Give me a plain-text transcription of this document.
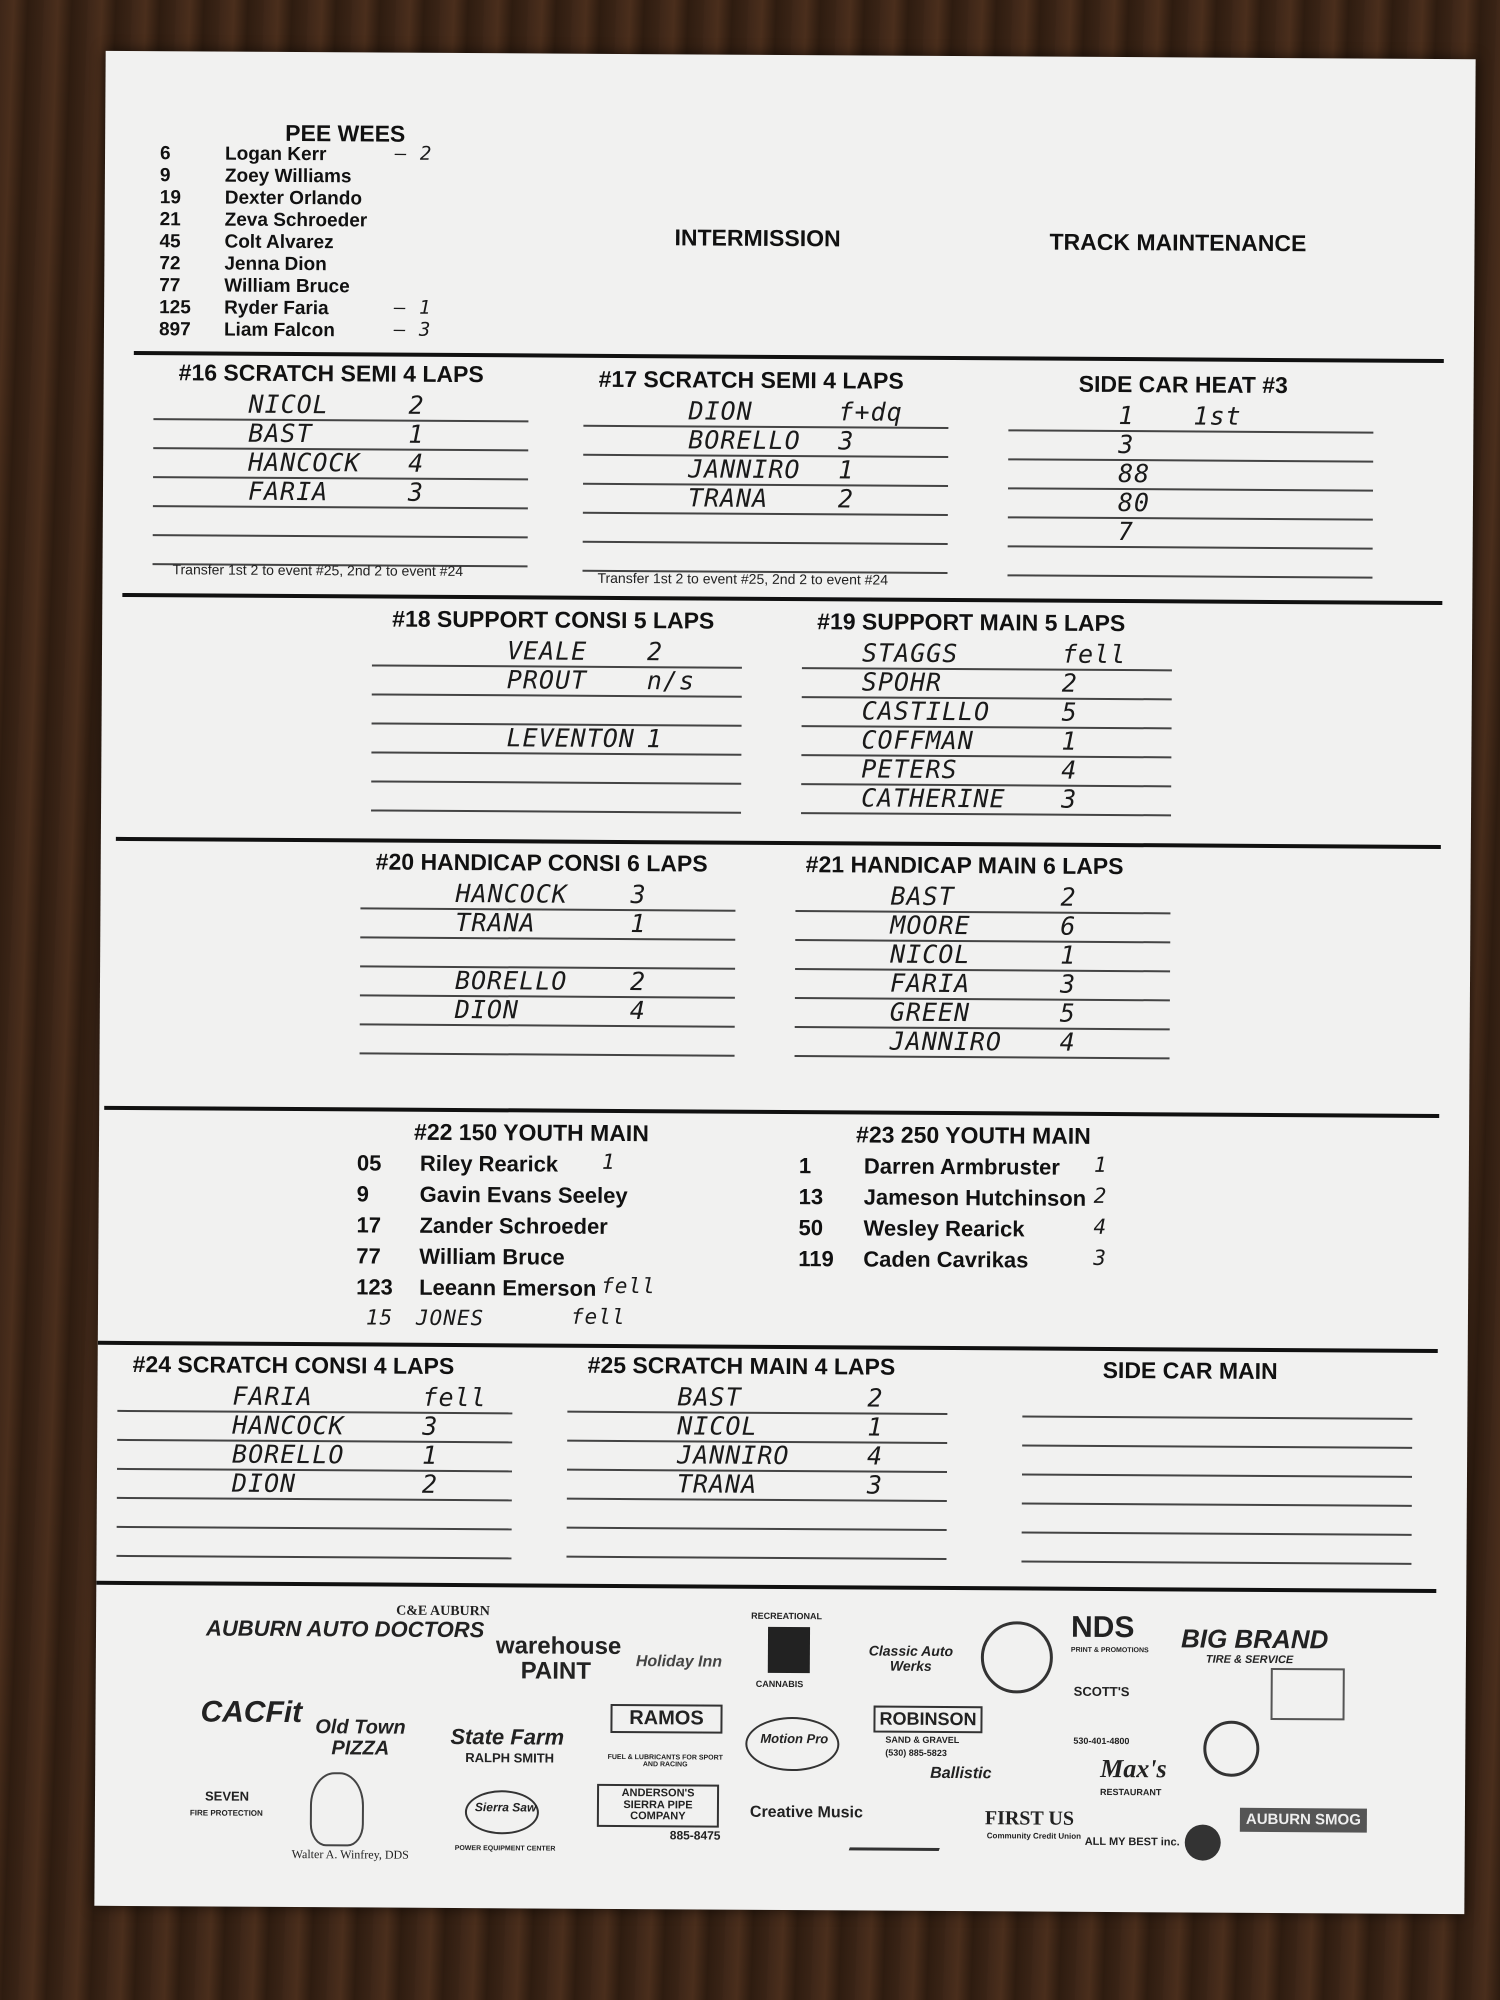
PEE WEES
6	Logan Kerr	— 2
9	Zoey Williams
19 Dexter Orlando
21 Zeva Schroeder
45 Colt Alvarez
72 Jenna Dion
77 William Bruce
125 Ryder Faria	— 1
897 Liam Falcon	— 3
INTERMISSION	TRACK MAINTENANCE
#16 SCRATCH SEMI 4 LAPS
NICOL	2
BAST	1
HANCOCK 4
FARIA	3
Transfer 1st 2 to event #25, 2nd 2 to event #24
#17 SCRATCH SEMI 4 LAPS
DION	f+dq
BORELLO 3
JANNIRO 1
TRANA	2
Transfer 1st 2 to event #25, 2nd 2 to event #24
SIDE CAR HEAT #3
1 1st
3
88
80
7
#18 SUPPORT CONSI 5 LAPS
VEALE 2
PROUT n/s
LEVENTON 1
#19 SUPPORT MAIN 5 LAPS
STAGGS	fell
SPOHR	2
CASTILLO	5
COFFMAN	1
PETERS	4
CATHERINE 3
#20 HANDICAP CONSI 6 LAPS
HANCOCK 3
TRANA	1
BORELLO 2
DION	4
#21 HANDICAP MAIN 6 LAPS
BAST	2
MOORE	6
NICOL	1
FARIA	3
GREEN	5
JANNIRO 4
#22 150 YOUTH MAIN
05 Riley Rearick 1
9 Gavin Evans Seeley
17 Zander Schroeder
77 William Bruce
123 Leeann Emerson fell
15 JONES	fell
#23 250 YOUTH MAIN
1 Darren Armbruster 1
13 Jameson Hutchinson 2
50 Wesley Rearick	4
119 Caden Cavrikas	3
#24 SCRATCH CONSI 4 LAPS
FARIA	fell
HANCOCK	3
BORELLO	1
DION	2
#25 SCRATCH MAIN 4 LAPS
BAST	2
NICOL	1
JANNIRO	4
TRANA	3
SIDE CAR MAIN
AUBURN AUTO DOCTORS
C&E AUBURN
warehouse PAINT	Holiday Inn
RECREATIONAL
CANNABIS
Classic Auto Werks
NDS
PRINT & PROMOTIONS BIG BRAND
TIRE & SERVICE
CACFit Old Town PIZZA	State Farm
RALPH SMITH
RAMOS
FUEL & LUBRICANTS FOR SPORT AND RACING
Motion Pro
ROBINSON
SAND & GRAVEL
(530) 885-5823
SCOTT'S
530-401-4800
Ballistic	Max's
RESTAURANT
SEVEN
FIRE PROTECTION
Walter A. Winfrey, DDS
Sierra Saw
POWER EQUIPMENT CENTER
ANDERSON'S SIERRA PIPE COMPANY
885-8475
Creative Music	FIRST US
Community Credit Union ALL MY BEST inc.
AUBURN SMOG
